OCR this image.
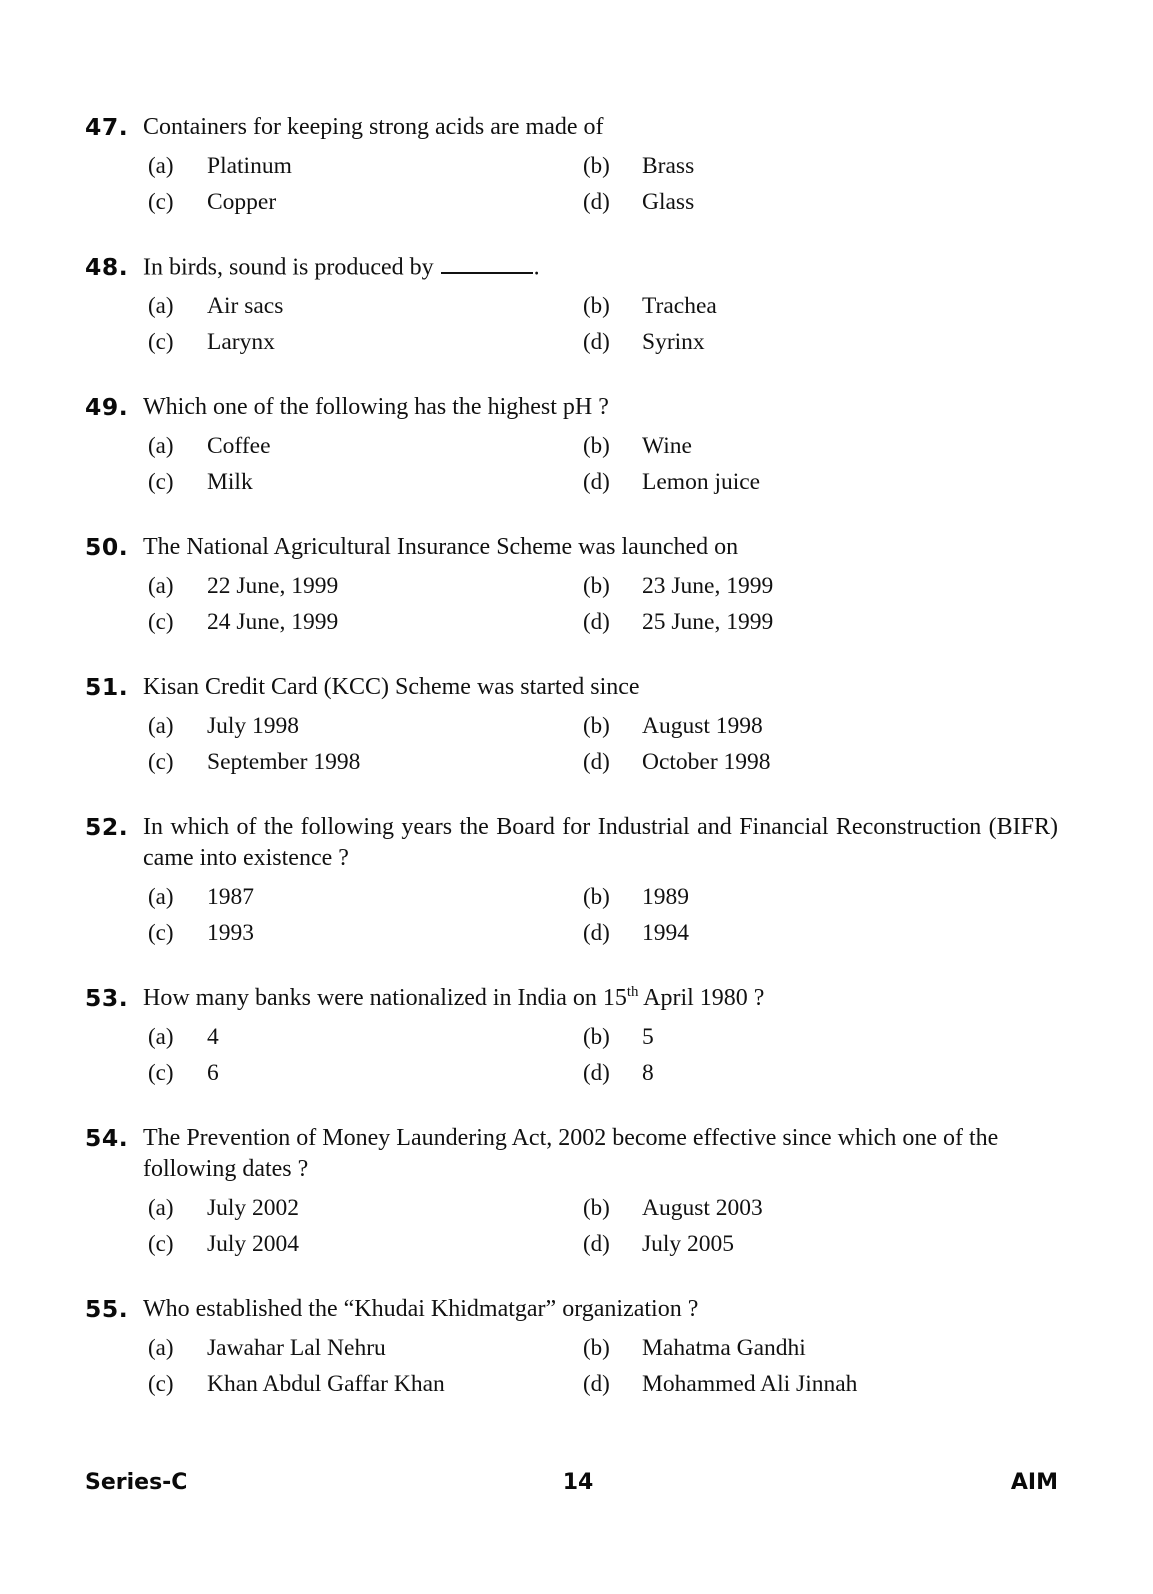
47. Containers for keeping strong acids are made of
(a) Platinum	(b) Brass
(c) Copper	(d) Glass
48. In birds, sound is produced by	.
(a) Air sacs	(b) Trachea
(c) Larynx	(d) Syrinx
49. Which one of the following has the highest pH ?
(a) Coffee	(b) Wine
(c) Milk	(d) Lemon juice
50. The National Agricultural Insurance Scheme was launched on
(a) 22 June, 1999	(b) 23 June, 1999
(c) 24 June, 1999	(d) 25 June, 1999
51. Kisan Credit Card (KCC) Scheme was started since
(a) July 1998	(b) August 1998
(c) September 1998	(d) October 1998
52. In which of the following years the Board for Industrial and Financial Reconstruction (BIFR) came into existence ?
(a) 1987	(b) 1989
(c) 1993	(d) 1994
53. How many banks were nationalized in India on 15th April 1980 ?
(a) 4	(b) 5
(c) 6	(d) 8
54. The Prevention of Money Laundering Act, 2002 become effective since which one of the following dates ?
(a) July 2002	(b) August 2003
(c) July 2004	(d) July 2005
55. Who established the “Khudai Khidmatgar” organization ?
(a) Jawahar Lal Nehru	(b) Mahatma Gandhi
(c) Khan Abdul Gaffar Khan	(d) Mohammed Ali Jinnah
Series-C	14	AIM
